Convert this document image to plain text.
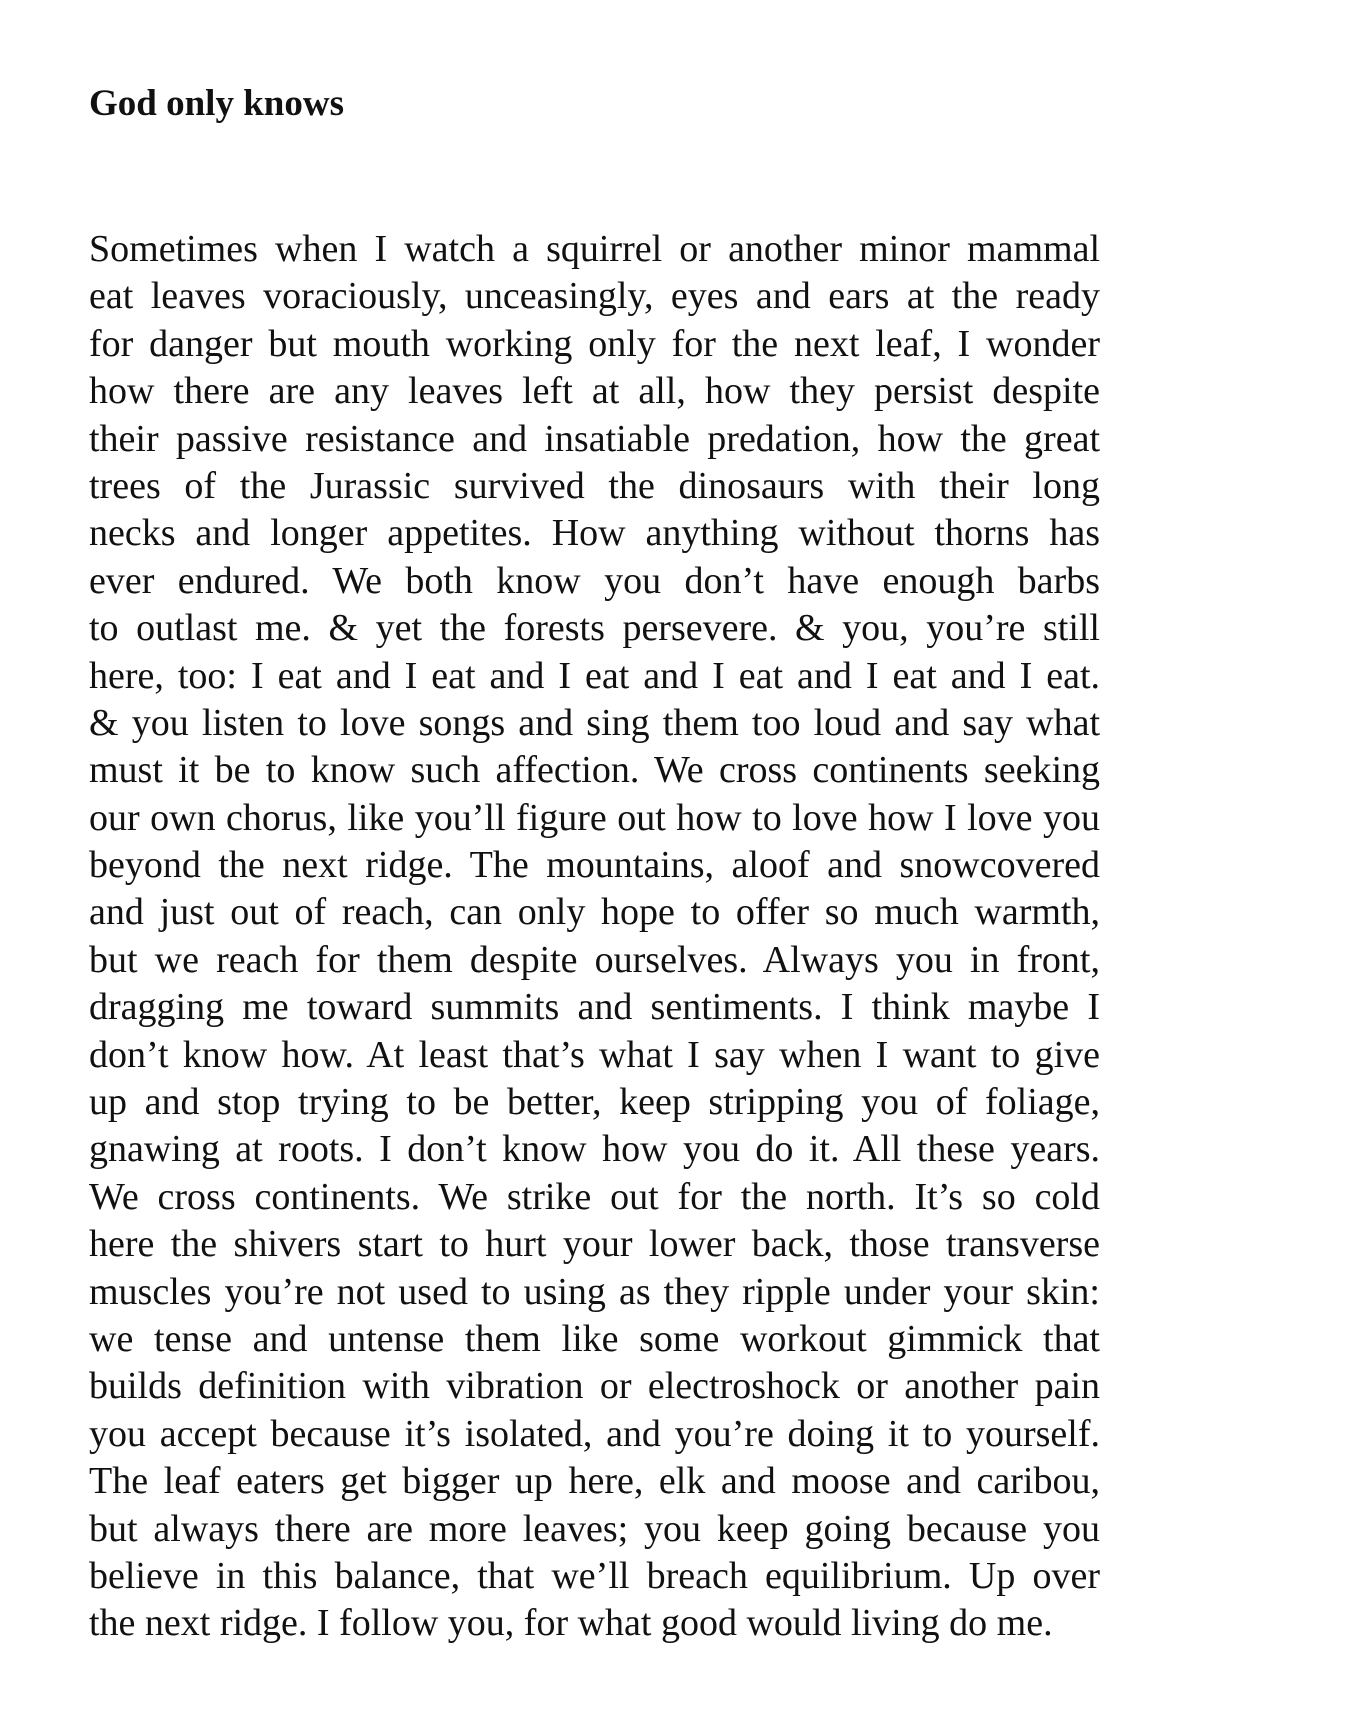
God only knows
Sometimes when I watch a squirrel or another minor mammal
eat leaves voraciously, unceasingly, eyes and ears at the ready
for danger but mouth working only for the next leaf, I wonder
how there are any leaves left at all, how they persist despite
their passive resistance and insatiable predation, how the great
trees of the Jurassic survived the dinosaurs with their long
necks and longer appetites. How anything without thorns has
ever endured. We both know you don’t have enough barbs
to outlast me. & yet the forests persevere. & you, you’re still
here, too: I eat and I eat and I eat and I eat and I eat and I eat.
& you listen to love songs and sing them too loud and say what
must it be to know such affection. We cross continents seeking
our own chorus, like you’ll figure out how to love how I love you
beyond the next ridge. The mountains, aloof and snowcovered
and just out of reach, can only hope to offer so much warmth,
but we reach for them despite ourselves. Always you in front,
dragging me toward summits and sentiments. I think maybe I
don’t know how. At least that’s what I say when I want to give
up and stop trying to be better, keep stripping you of foliage,
gnawing at roots. I don’t know how you do it. All these years.
We cross continents. We strike out for the north. It’s so cold
here the shivers start to hurt your lower back, those transverse
muscles you’re not used to using as they ripple under your skin:
we tense and untense them like some workout gimmick that
builds definition with vibration or electroshock or another pain
you accept because it’s isolated, and you’re doing it to yourself.
The leaf eaters get bigger up here, elk and moose and caribou,
but always there are more leaves; you keep going because you
believe in this balance, that we’ll breach equilibrium. Up over
the next ridge. I follow you, for what good would living do me.
